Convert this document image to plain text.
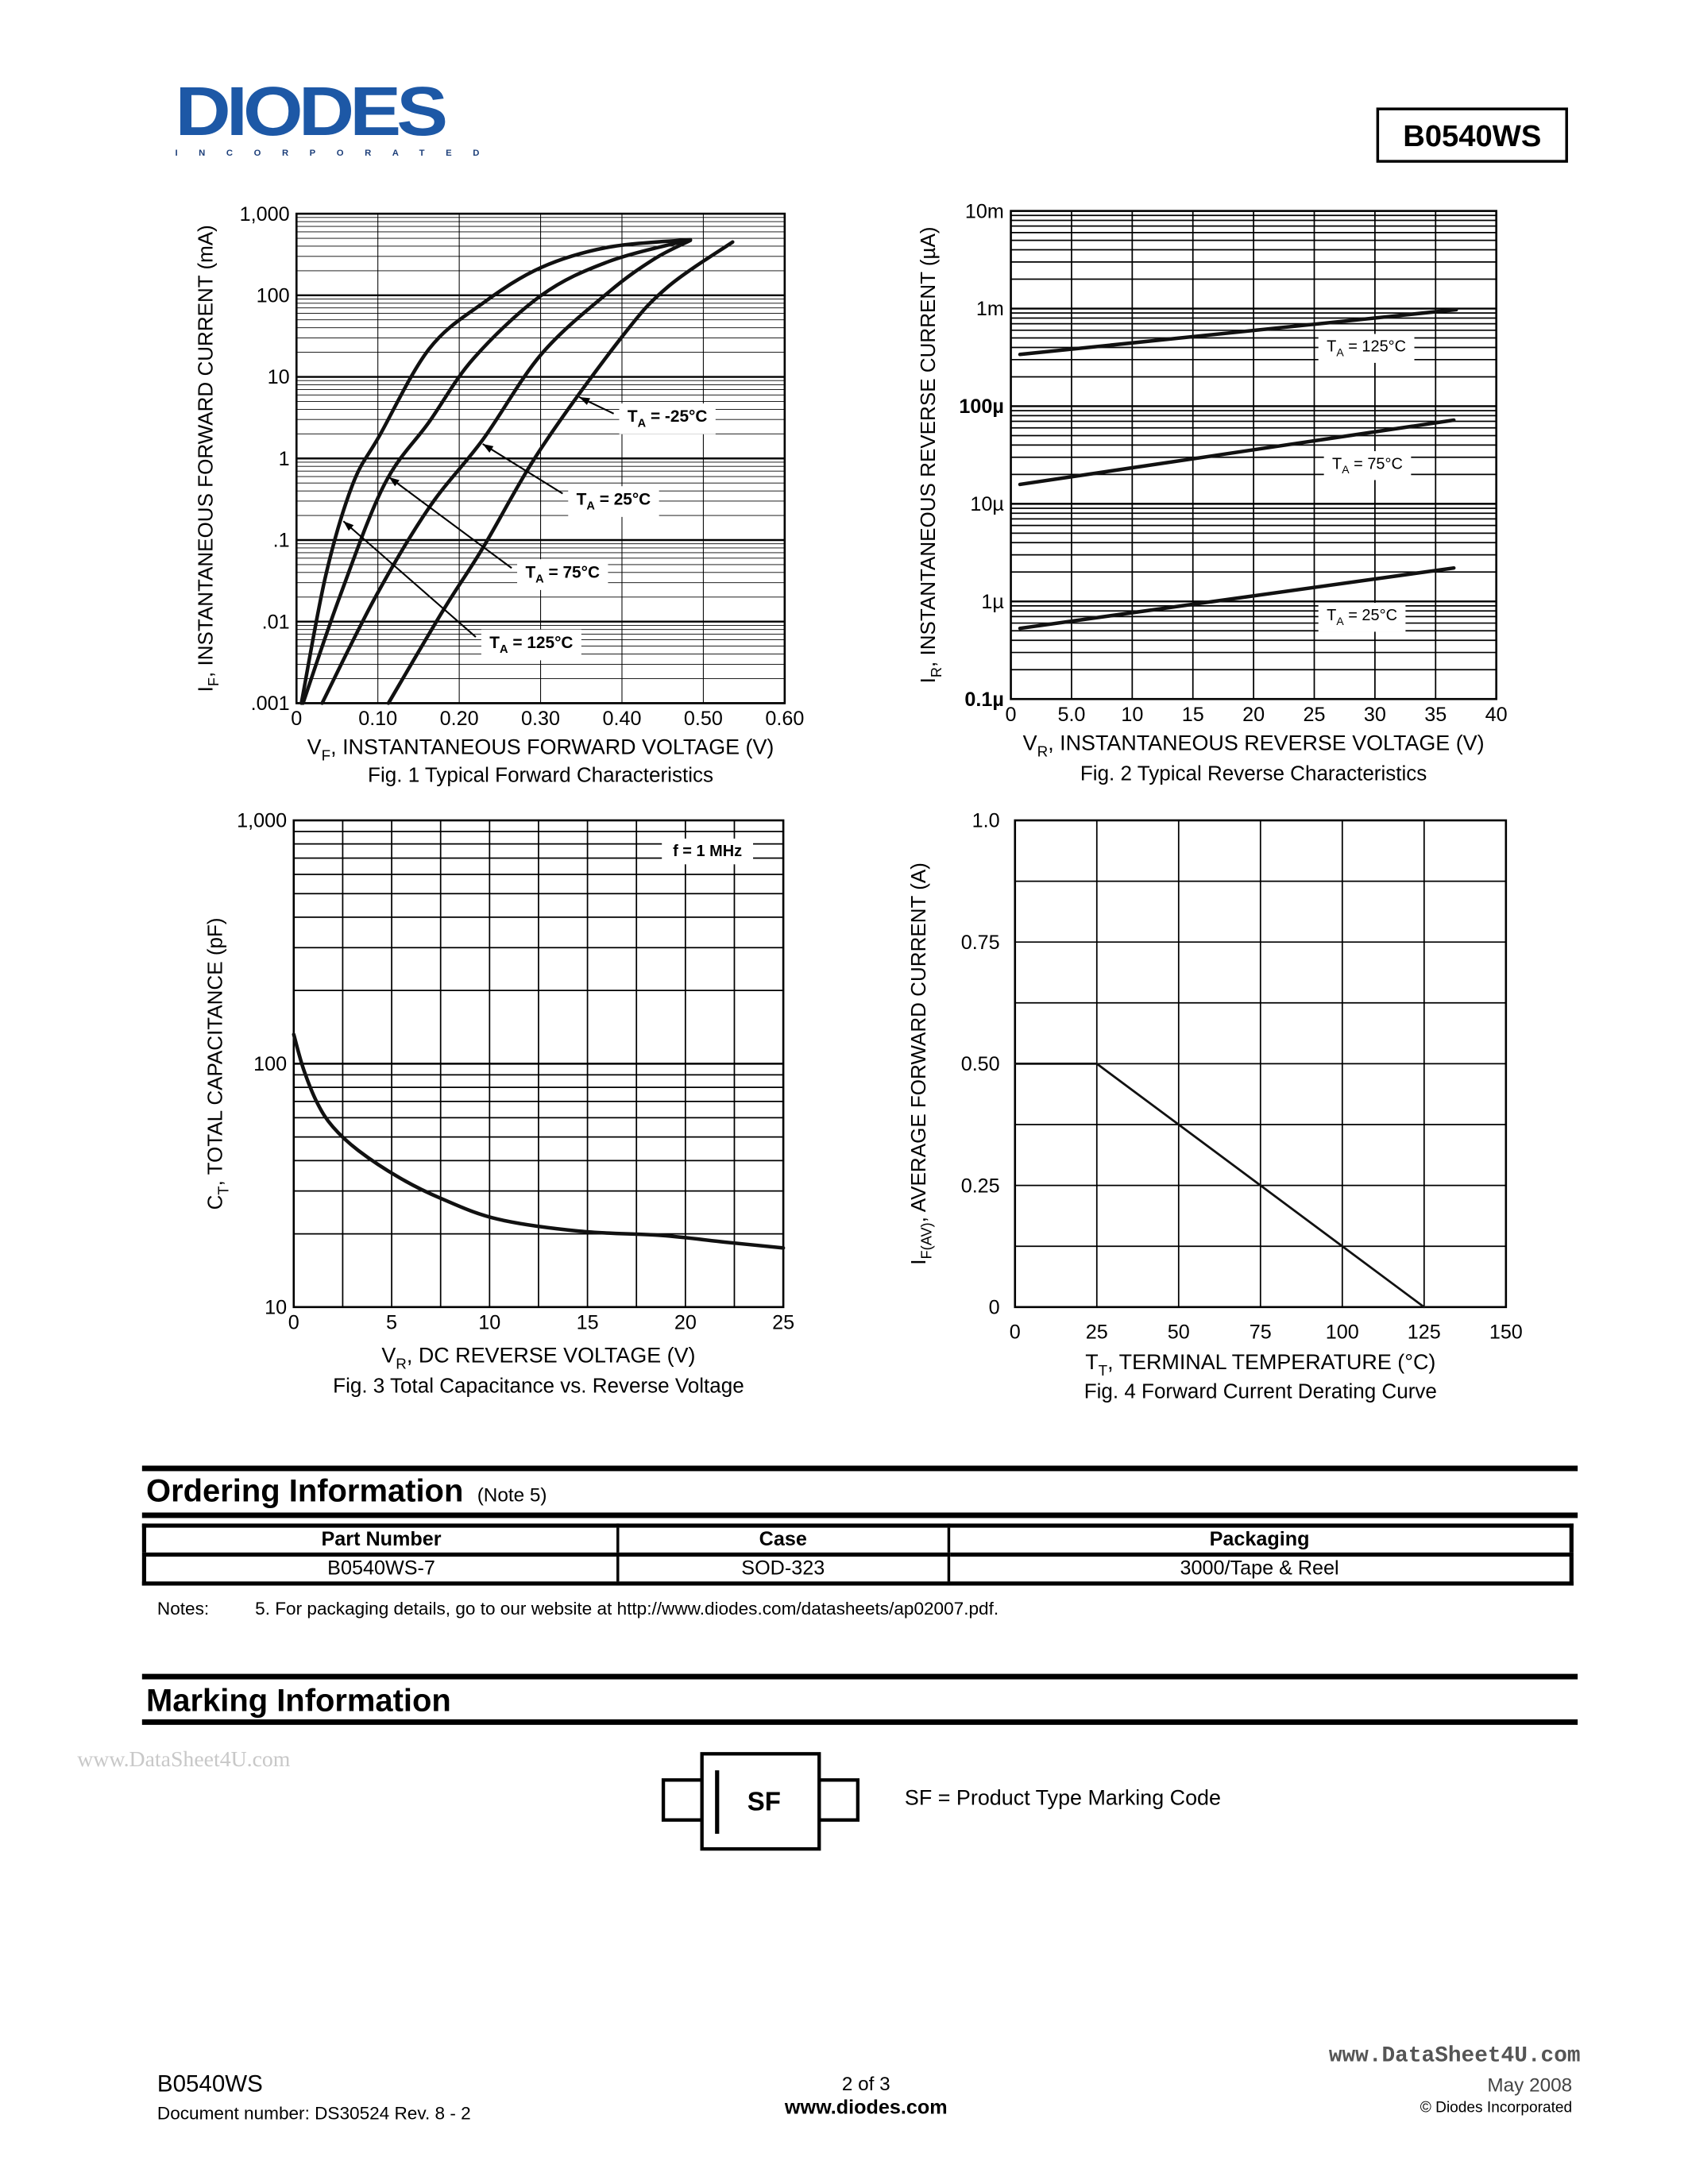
DIODES
INCORPORATED
B0540WS
0	0.10	0.20	0.30	0.40	0.50	0.60
.001
.01
.1
1
10
100
1,000
$V_F$, INSTANTANEOUS FORWARD VOLTAGE (V)
$I_F$, INSTANTANEOUS FORWARD CURRENT (mA)
Fig. 1 Typical Forward Characteristics
$T_A = -25^\circ C$
$T_A = 25^\circ C$
$T_A = 75^\circ C$
$T_A = 125^\circ C$
0	5.0	10	15	20	25	30	35	40
0.1µ
1µ
10µ
100µ
1m
10m
$V_R$, INSTANTANEOUS REVERSE VOLTAGE (V)
$I_R$, INSTANTANEOUS REVERSE CURRENT (µA)
Fig. 2 Typical Reverse Characteristics
$T_A = 125^\circ C$
$T_A = 75^\circ C$
$T_A = 25^\circ C$
0	5	10	15	20	25
10
100
1,000
$V_R$, DC REVERSE VOLTAGE (V)
$C_T$, TOTAL CAPACITANCE (pF)
Fig. 3 Total Capacitance vs. Reverse Voltage
f = 1 MHz
0	25	50	75	100	125	150
0
0.25
0.50
0.75
1.0
$T_T$, TERMINAL TEMPERATURE (°C)
$I_{F(AV)}$, AVERAGE FORWARD CURRENT (A)
Fig. 4 Forward Current Derating Curve
Ordering Information (Note 5)
Part Number	Case	Packaging
B0540WS-7	SOD-323	3000/Tape & Reel
Notes:	5. For packaging details, go to our website at http://www.diodes.com/datasheets/ap02007.pdf.
Marking Information
www.DataSheet4U.com
SF	SF = Product Type Marking Code
B0540WS
Document number: DS30524 Rev. 8 - 2
2 of 3
www.diodes.com
www.DataSheet4U.com
May 2008
© Diodes Incorporated
